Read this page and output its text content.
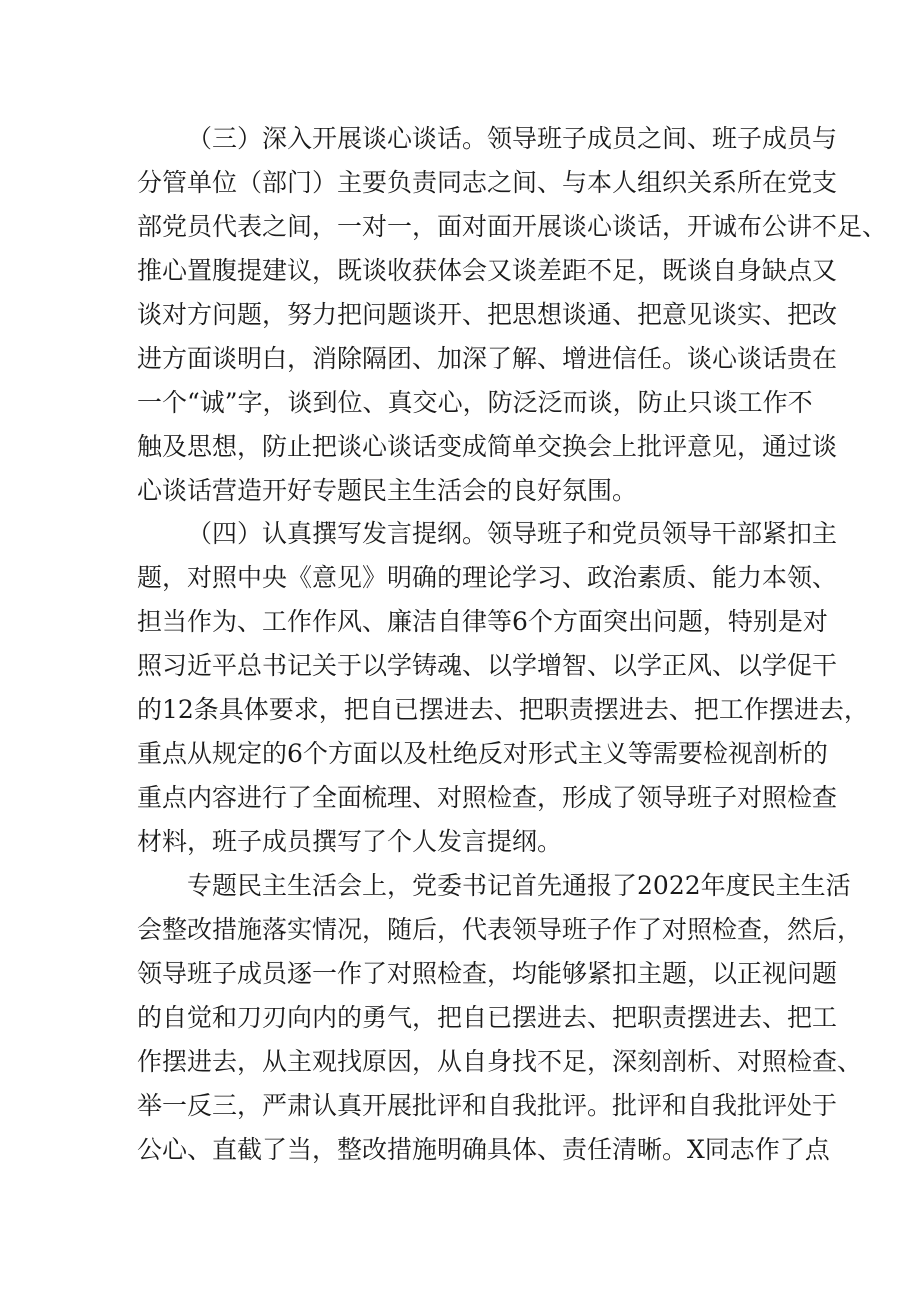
（三）深入开展谈心谈话。领导班子成员之间、班子成员与
分管单位（部门）主要负责同志之间、与本人组织关系所在党支
部党员代表之间，一对一，面对面开展谈心谈话，开诚布公讲不足、
推心置腹提建议，既谈收获体会又谈差距不足，既谈自身缺点又
谈对方问题，努力把问题谈开、把思想谈通、把意见谈实、把改
进方面谈明白，消除隔团、加深了解、增进信任。谈心谈话贵在
一个“诚”字，谈到位、真交心，防泛泛而谈，防止只谈工作不
触及思想，防止把谈心谈话变成简单交换会上批评意见，通过谈
心谈话营造开好专题民主生活会的良好氛围。
（四）认真撰写发言提纲。领导班子和党员领导干部紧扣主
题，对照中央《意见》明确的理论学习、政治素质、能力本领、
担当作为、工作作风、廉洁自律等6个方面突出问题，特别是对
照习近平总书记关于以学铸魂、以学增智、以学正风、以学促干
的12条具体要求，把自已摆进去、把职责摆进去、把工作摆进去，
重点从规定的6个方面以及杜绝反对形式主义等需要检视剖析的
重点内容进行了全面梳理、对照检查，形成了领导班子对照检查
材料，班子成员撰写了个人发言提纲。
专题民主生活会上，党委书记首先通报了2022年度民主生活
会整改措施落实情况，随后，代表领导班子作了对照检查，然后，
领导班子成员逐一作了对照检查，均能够紧扣主题，以正视问题
的自觉和刀刃向内的勇气，把自已摆进去、把职责摆进去、把工
作摆进去，从主观找原因，从自身找不足，深刻剖析、对照检查、
举一反三，严肃认真开展批评和自我批评。批评和自我批评处于
公心、直截了当，整改措施明确具体、责任清晰。X同志作了点
